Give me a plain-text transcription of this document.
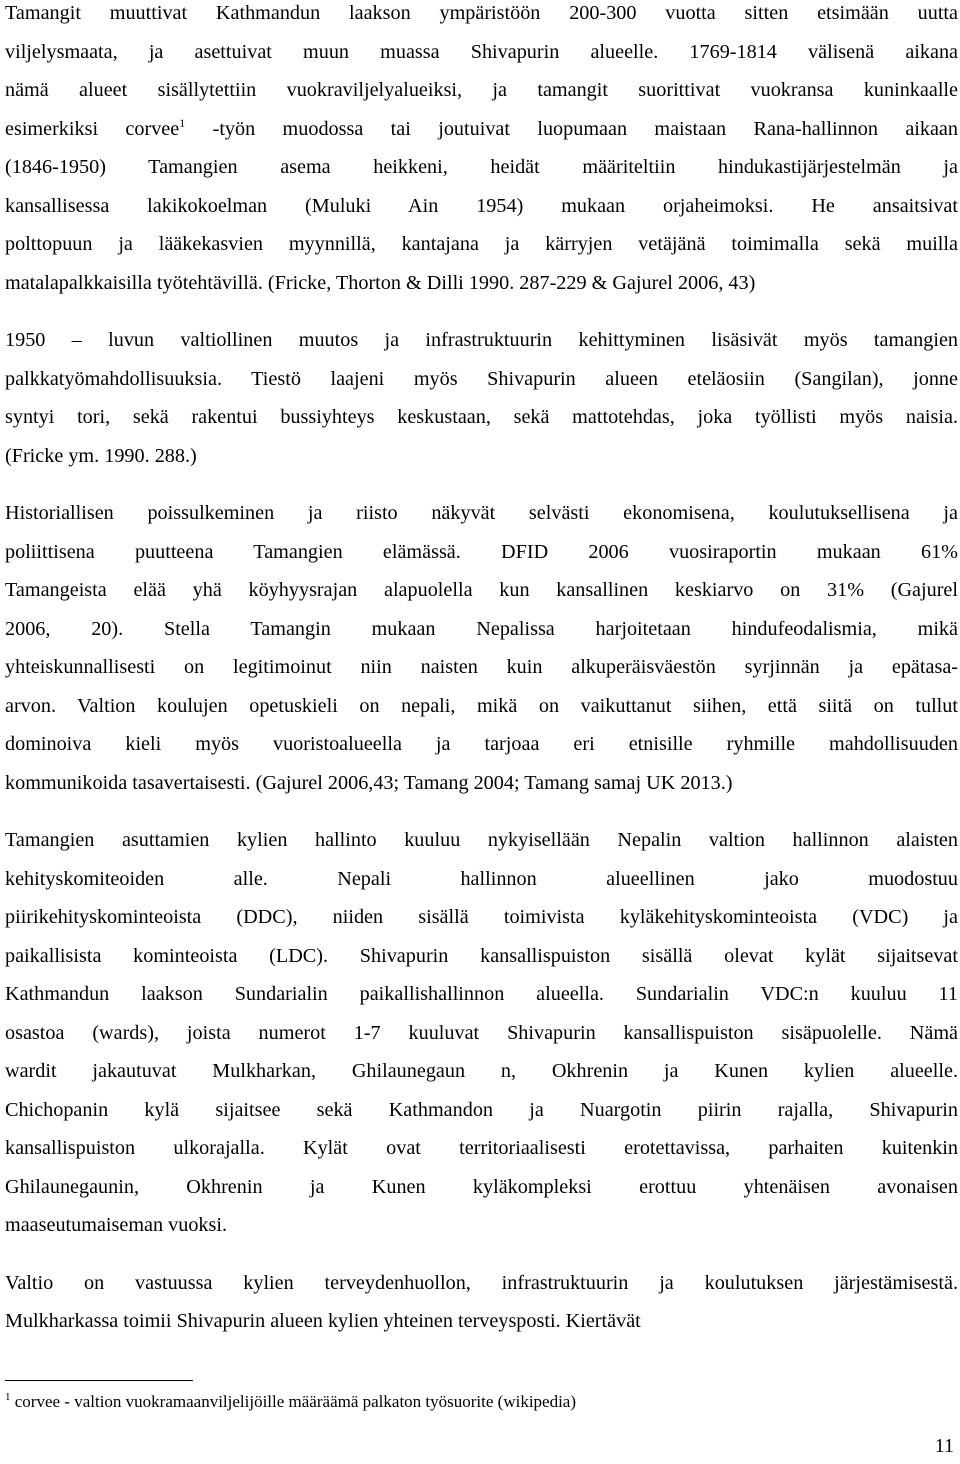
Tamangit muuttivat Kathmandun laakson ympäristöön 200-300 vuotta sitten etsimään uutta
viljelysmaata, ja asettuivat muun muassa Shivapurin alueelle. 1769-1814 välisenä aikana
nämä alueet sisällytettiin vuokraviljelyalueiksi, ja tamangit suorittivat vuokransa kuninkaalle
esimerkiksi corvee$^1$ -työn muodossa tai joutuivat luopumaan maistaan Rana-hallinnon aikaan
(1846-1950) Tamangien asema heikkeni, heidät määriteltiin hindukastijärjestelmän ja
kansallisessa lakikokoelman (Muluki Ain 1954) mukaan orjaheimoksi. He ansaitsivat
polttopuun ja lääkekasvien myynnillä, kantajana ja kärryjen vetäjänä toimimalla sekä muilla
matalapalkkaisilla työtehtävillä. (Fricke, Thorton & Dilli 1990. 287-229 & Gajurel 2006, 43)
1950 – luvun valtiollinen muutos ja infrastruktuurin kehittyminen lisäsivät myös tamangien
palkkatyömahdollisuuksia. Tiestö laajeni myös Shivapurin alueen eteläosiin (Sangilan), jonne
syntyi tori, sekä rakentui bussiyhteys keskustaan, sekä mattotehdas, joka työllisti myös naisia.
(Fricke ym. 1990. 288.)
Historiallisen poissulkeminen ja riisto näkyvät selvästi ekonomisena, koulutuksellisena ja
poliittisena puutteena Tamangien elämässä. DFID 2006 vuosiraportin mukaan 61%
Tamangeista elää yhä köyhyysrajan alapuolella kun kansallinen keskiarvo on 31% (Gajurel
2006, 20). Stella Tamangin mukaan Nepalissa harjoitetaan hindufeodalismia, mikä
yhteiskunnallisesti on legitimoinut niin naisten kuin alkuperäisväestön syrjinnän ja epätasa-
arvon. Valtion koulujen opetuskieli on nepali, mikä on vaikuttanut siihen, että siitä on tullut
dominoiva kieli myös vuoristoalueella ja tarjoaa eri etnisille ryhmille mahdollisuuden
kommunikoida tasavertaisesti. (Gajurel 2006,43; Tamang 2004; Tamang samaj UK 2013.)
Tamangien asuttamien kylien hallinto kuuluu nykyisellään Nepalin valtion hallinnon alaisten
kehityskomiteoiden alle. Nepali hallinnon alueellinen jako muodostuu
piirikehityskominteoista (DDC), niiden sisällä toimivista kyläkehityskominteoista (VDC) ja
paikallisista kominteoista (LDC). Shivapurin kansallispuiston sisällä olevat kylät sijaitsevat
Kathmandun laakson Sundarialin paikallishallinnon alueella. Sundarialin VDC:n kuuluu 11
osastoa (wards), joista numerot 1-7 kuuluvat Shivapurin kansallispuiston sisäpuolelle. Nämä
wardit jakautuvat Mulkharkan, Ghilaunegaun n, Okhrenin ja Kunen kylien alueelle.
Chichopanin kylä sijaitsee sekä Kathmandon ja Nuargotin piirin rajalla, Shivapurin
kansallispuiston ulkorajalla. Kylät ovat territoriaalisesti erotettavissa, parhaiten kuitenkin
Ghilaunegaunin, Okhrenin ja Kunen kyläkompleksi erottuu yhtenäisen avonaisen
maaseutumaiseman vuoksi.
Valtio on vastuussa kylien terveydenhuollon, infrastruktuurin ja koulutuksen järjestämisestä.
Mulkharkassa toimii Shivapurin alueen kylien yhteinen terveysposti. Kiertävät
$^1$ corvee - valtion vuokramaanviljelijöille määräämä palkaton työsuorite (wikipedia)
11
